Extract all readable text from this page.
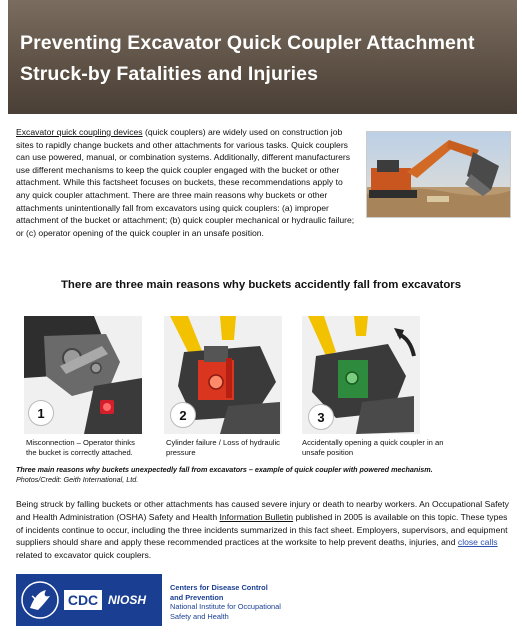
Preventing Excavator Quick Coupler Attachment Struck-by Fatalities and Injuries
Excavator quick coupling devices (quick couplers) are widely used on construction job sites to rapidly change buckets and other attachments for various tasks. Quick couplers can use powered, manual, or combination systems. Additionally, different manufacturers use different mechanisms to keep the quick coupler engaged with the bucket or other attachment. While this factsheet focuses on buckets, these recommendations apply to any quick coupler attachment. There are three main reasons why buckets or other attachments unintentionally fall from excavators using quick couplers: (a) improper attachment of the bucket or attachment; (b) quick coupler mechanical or hydraulic failure; or (c) operator opening of the quick coupler in an unsafe position.
There are three main reasons why buckets accidently fall from excavators
1	2	3
Misconnection – Operator thinks the bucket is correctly attached.
Cylinder failure / Loss of hydraulic pressure
Accidentally opening a quick coupler in an unsafe position
Three main reasons why buckets unexpectedly fall from excavators – example of quick coupler with powered mechanism.
Photos/Credit: Geith International, Ltd.
Being struck by falling buckets or other attachments has caused severe injury or death to nearby workers. An Occupational Safety and Health Administration (OSHA) Safety and Health Information Bulletin published in 2005 is available on this topic. These types of incidents continue to occur, including the three incidents summarized in this fact sheet. Employers, supervisors, and equipment suppliers should share and apply these recommended practices at the worksite to help prevent deaths, injuries, and close calls related to excavator quick couplers.
CDC NIOSH
Centers for Disease Control
and Prevention
National Institute for Occupational
Safety and Health
